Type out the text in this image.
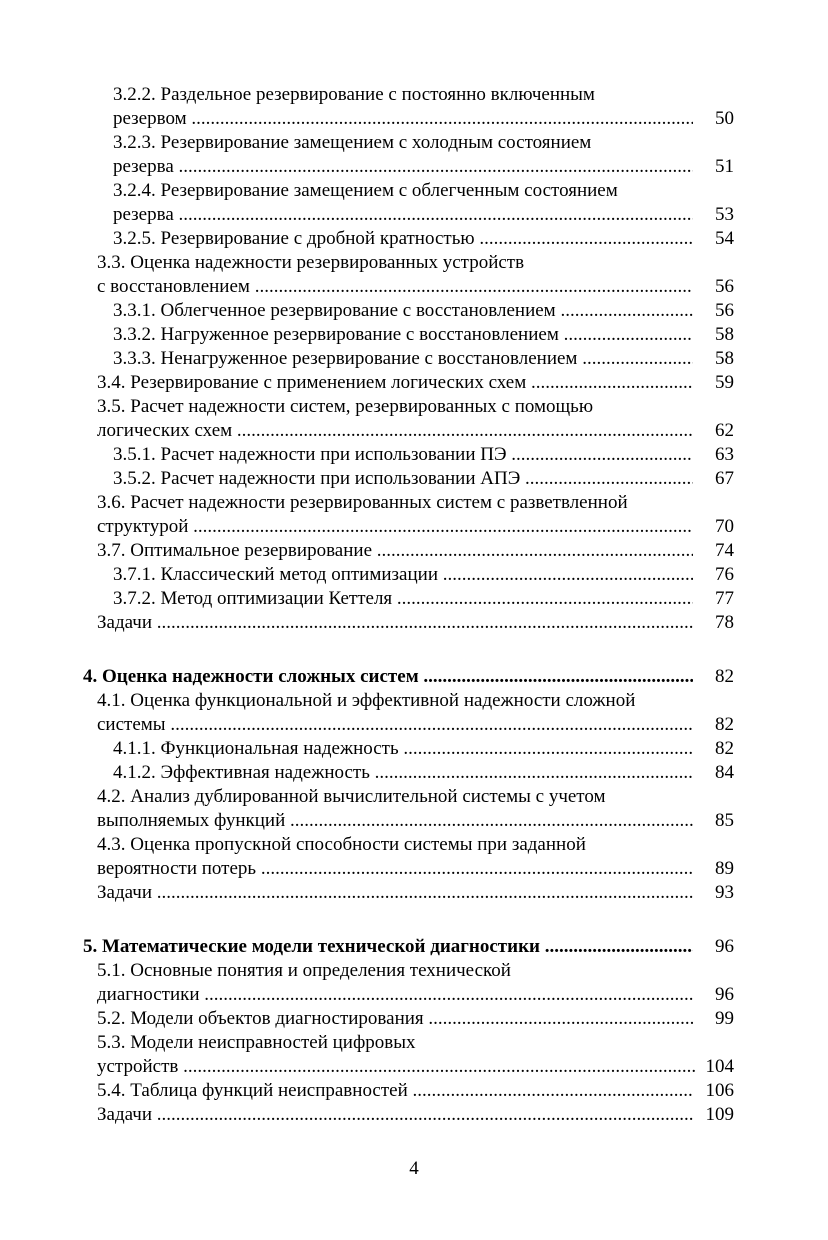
3.2.2. Раздельное резервирование с постоянно включенным
резервом .....	50
3.2.3. Резервирование замещением с холодным состоянием
резерва .....	51
3.2.4. Резервирование замещением с облегченным состоянием
резерва .....	53
3.2.5. Резервирование с дробной кратностью .....	54
3.3. Оценка надежности резервированных устройств
с восстановлением .....	56
3.3.1. Облегченное резервирование с восстановлением .....	56
3.3.2. Нагруженное резервирование с восстановлением .....	58
3.3.3. Ненагруженное резервирование с восстановлением .....	58
3.4. Резервирование с применением логических схем .....	59
3.5. Расчет надежности систем, резервированных с помощью
логических схем .....	62
3.5.1. Расчет надежности при использовании ПЭ .....	63
3.5.2. Расчет надежности при использовании АПЭ .....	67
3.6. Расчет надежности резервированных систем с разветвленной
структурой .....	70
3.7. Оптимальное резервирование .....	74
3.7.1. Классический метод оптимизации .....	76
3.7.2. Метод оптимизации Кеттеля .....	77
Задачи .....	78
4. Оценка надежности сложных систем .....	82
4.1. Оценка функциональной и эффективной надежности сложной
системы .....	82
4.1.1. Функциональная надежность .....	82
4.1.2. Эффективная надежность .....	84
4.2. Анализ дублированной вычислительной системы с учетом
выполняемых функций .....	85
4.3. Оценка пропускной способности системы при заданной
вероятности потерь .....	89
Задачи .....	93
5. Математические модели технической диагностики .....	96
5.1. Основные понятия и определения технической
диагностики .....	96
5.2. Модели объектов диагностирования .....	99
5.3. Модели неисправностей цифровых
устройств .....	104
5.4. Таблица функций неисправностей .....	106
Задачи .....	109
4
